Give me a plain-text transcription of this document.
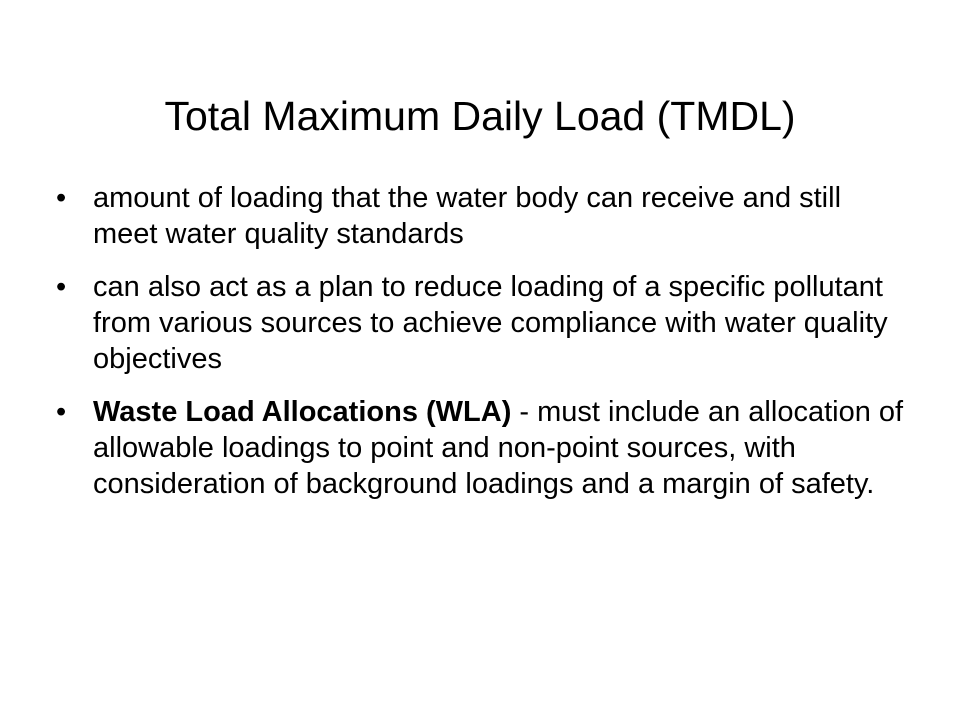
Total Maximum Daily Load (TMDL)
• amount of loading that the water body can receive and still meet water quality standards
• can also act as a plan to reduce loading of a specific pollutant from various sources to achieve compliance with water quality objectives
• Waste Load Allocations (WLA) - must include an allocation of allowable loadings to point and non-point sources, with consideration of background loadings and a margin of safety.
